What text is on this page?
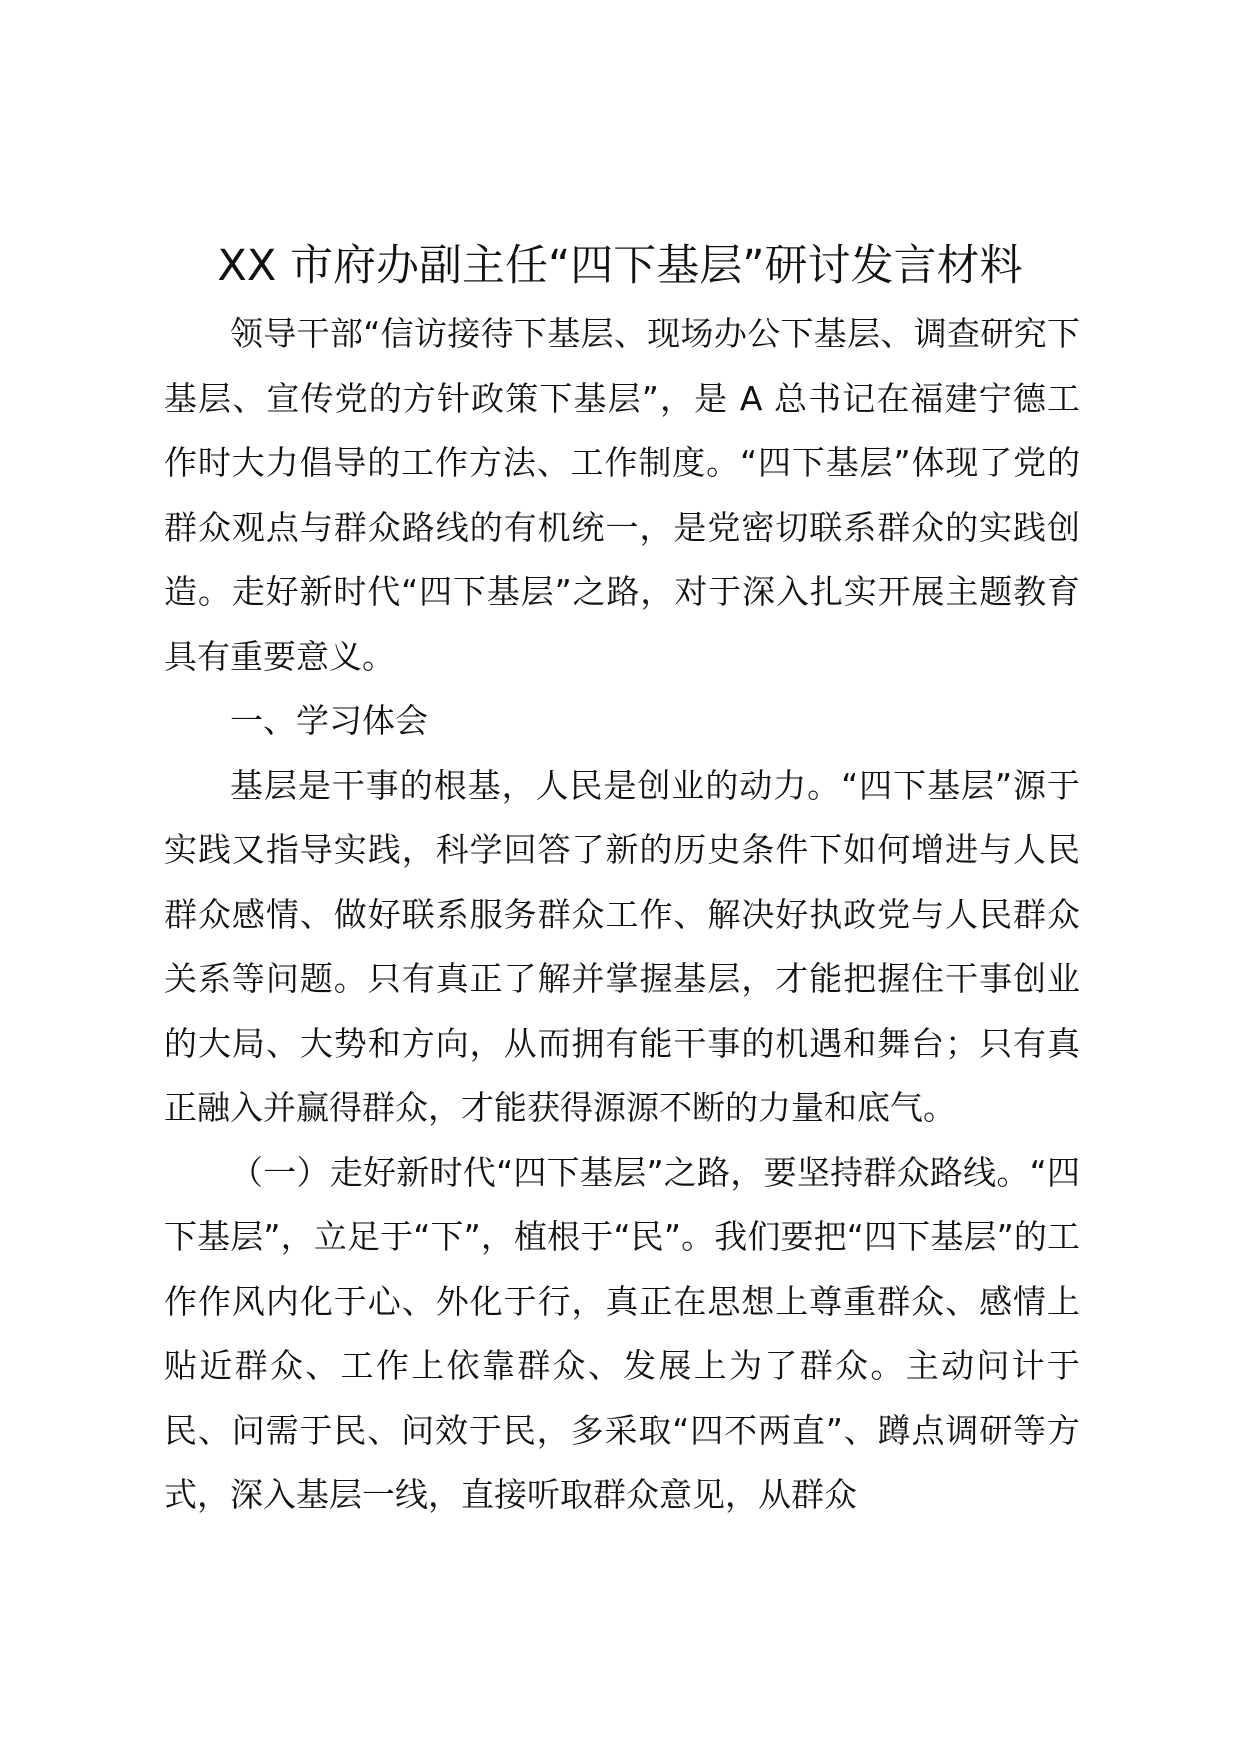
XX 市府办副主任“四下基层”研讨发言材料

领导干部“信访接待下基层、现场办公下基层、调查研究下基层、宣传党的方针政策下基层”，是 A 总书记在福建宁德工作时大力倡导的工作方法、工作制度。“四下基层”体现了党的群众观点与群众路线的有机统一，是党密切联系群众的实践创造。走好新时代“四下基层”之路，对于深入扎实开展主题教育具有重要意义。

一、学习体会

基层是干事的根基，人民是创业的动力。“四下基层”源于实践又指导实践，科学回答了新的历史条件下如何增进与人民群众感情、做好联系服务群众工作、解决好执政党与人民群众关系等问题。只有真正了解并掌握基层，才能把握住干事创业的大局、大势和方向，从而拥有能干事的机遇和舞台；只有真正融入并赢得群众，才能获得源源不断的力量和底气。

（一）走好新时代“四下基层”之路，要坚持群众路线。“四下基层”，立足于“下”，植根于“民”。我们要把“四下基层”的工作作风内化于心、外化于行，真正在思想上尊重群众、感情上贴近群众、工作上依靠群众、发展上为了群众。主动问计于民、问需于民、问效于民，多采取“四不两直”、蹲点调研等方式，深入基层一线，直接听取群众意见，从群众
